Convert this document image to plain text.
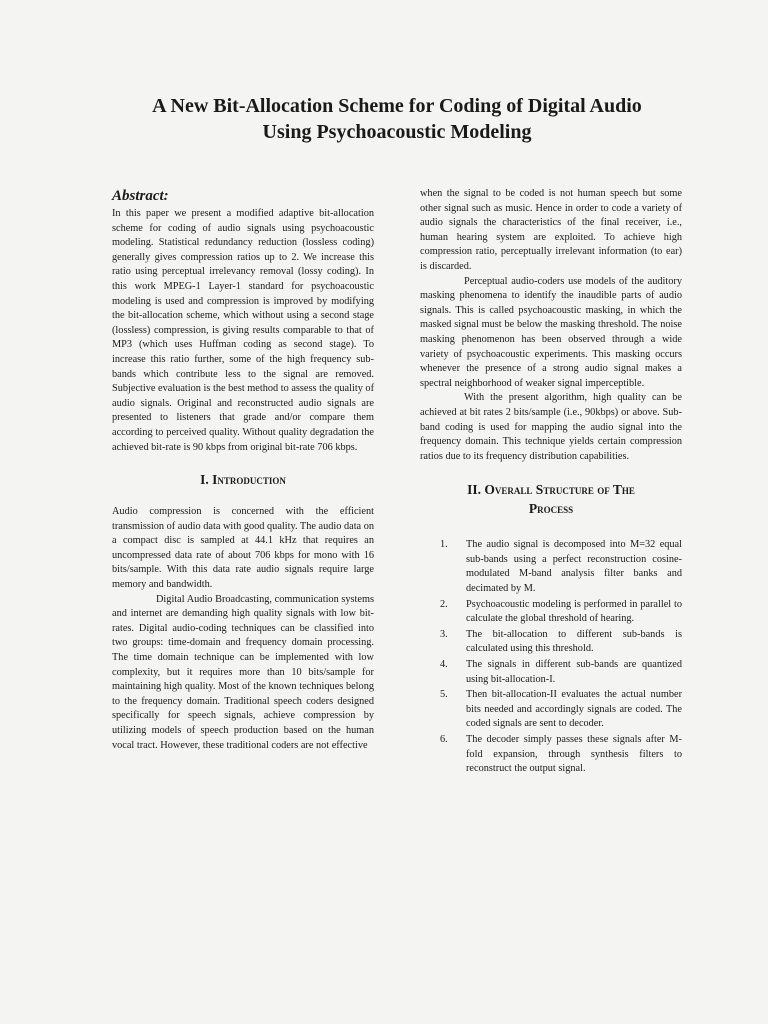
A New Bit-Allocation Scheme for Coding of Digital Audio
Using Psychoacoustic Modeling
Abstract:

In this paper we present a modified adaptive bit-allocation scheme for coding of audio signals using psychoacoustic modeling. Statistical redundancy reduction (lossless coding) generally gives compression ratios up to 2. We increase this ratio using perceptual irrelevancy removal (lossy coding). In this work MPEG-1 Layer-1 standard for psychoacoustic modeling is used and compression is improved by modifying the bit-allocation scheme, which without using a second stage (lossless) compression, is giving results comparable to that of MP3 (which uses Huffman coding as second stage). To increase this ratio further, some of the high frequency sub-bands which contribute less to the signal are removed. Subjective evaluation is the best method to assess the quality of audio signals. Original and reconstructed audio signals are presented to listeners that grade and/or compare them according to perceived quality. Without quality degradation the achieved bit-rate is 90 kbps from original bit-rate 706 kbps.

I. Introduction

Audio compression is concerned with the efficient transmission of audio data with good quality. The audio data on a compact disc is sampled at 44.1 kHz that requires an uncompressed data rate of about 706 kbps for mono with 16 bits/sample. With this data rate audio signals require large memory and bandwidth.

Digital Audio Broadcasting, communication systems and internet are demanding high quality signals with low bit-rates. Digital audio-coding techniques can be classified into two groups: time-domain and frequency domain processing. The time domain technique can be implemented with low complexity, but it requires more than 10 bits/sample for maintaining high quality. Most of the known techniques belong to the frequency domain. Traditional speech coders designed specifically for speech signals, achieve compression by utilizing models of speech production based on the human vocal tract. However, these traditional coders are not effective

when the signal to be coded is not human speech but some other signal such as music. Hence in order to code a variety of audio signals the characteristics of the final receiver, i.e., human hearing system are exploited. To achieve high compression ratio, perceptually irrelevant information (to ear) is discarded.

Perceptual audio-coders use models of the auditory masking phenomena to identify the inaudible parts of audio signals. This is called psychoacoustic masking, in which the masked signal must be below the masking threshold. The noise masking phenomenon has been observed through a wide variety of psychoacoustic experiments. This masking occurs whenever the presence of a strong audio signal makes a spectral neighborhood of weaker signal imperceptible.

With the present algorithm, high quality can be achieved at bit rates 2 bits/sample (i.e., 90kbps) or above. Sub-band coding is used for mapping the audio signal into the frequency domain. This technique yields certain compression ratios due to its frequency distribution capabilities.

II. Overall Structure of The
Process
1. The audio signal is decomposed into M=32 equal sub-bands using a perfect reconstruction cosine-modulated M-band analysis filter banks and decimated by M.
2. Psychoacoustic modeling is performed in parallel to calculate the global threshold of hearing.
3. The bit-allocation to different sub-bands is calculated using this threshold.
4. The signals in different sub-bands are quantized using bit-allocation-I.
5. Then bit-allocation-II evaluates the actual number bits needed and accordingly signals are coded. The coded signals are sent to decoder.
6. The decoder simply passes these signals after M-fold expansion, through synthesis filters to reconstruct the output signal.
